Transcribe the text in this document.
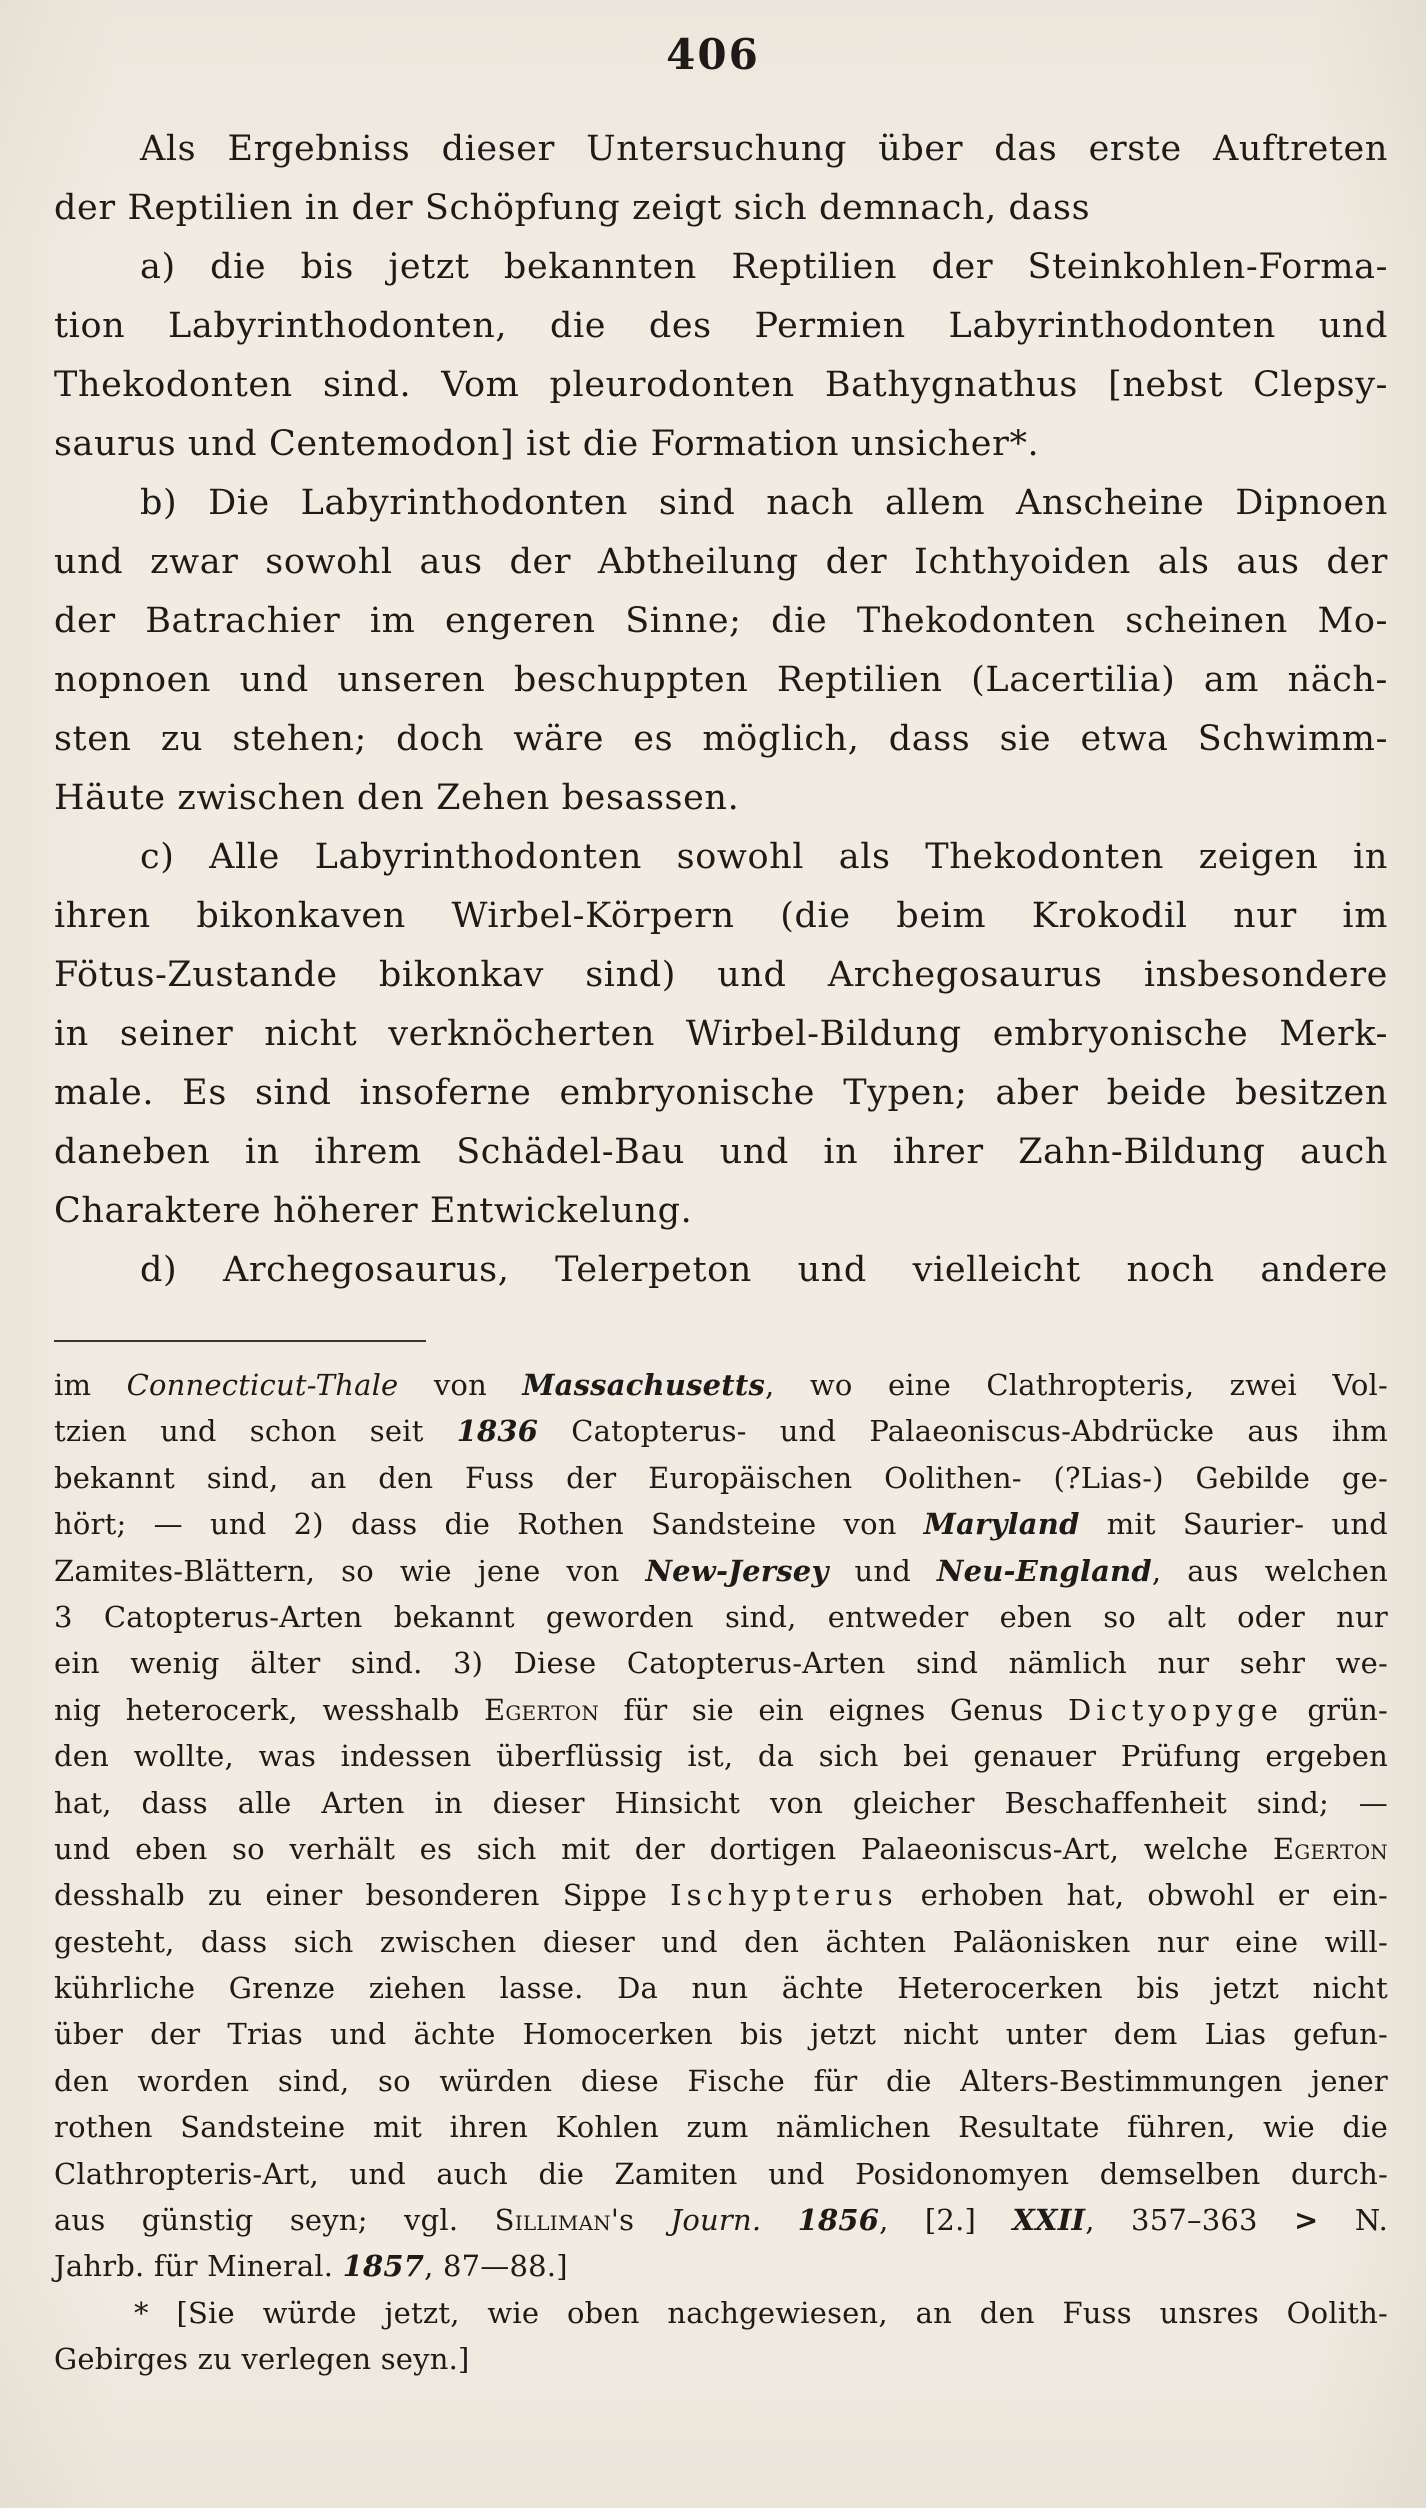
406
Als Ergebniss dieser Untersuchung über das erste Auftreten
der Reptilien in der Schöpfung zeigt sich demnach, dass
a) die bis jetzt bekannten Reptilien der Steinkohlen-Forma-
tion Labyrinthodonten, die des Permien Labyrinthodonten und
Thekodonten sind. Vom pleurodonten Bathygnathus [nebst Clepsy-
saurus und Centemodon] ist die Formation unsicher*.
b) Die Labyrinthodonten sind nach allem Anscheine Dipnoen
und zwar sowohl aus der Abtheilung der Ichthyoiden als aus der
der Batrachier im engeren Sinne; die Thekodonten scheinen Mo-
nopnoen und unseren beschuppten Reptilien (Lacertilia) am näch-
sten zu stehen; doch wäre es möglich, dass sie etwa Schwimm-
Häute zwischen den Zehen besassen.
c) Alle Labyrinthodonten sowohl als Thekodonten zeigen in
ihren bikonkaven Wirbel-Körpern (die beim Krokodil nur im
Fötus-Zustande bikonkav sind) und Archegosaurus insbesondere
in seiner nicht verknöcherten Wirbel-Bildung embryonische Merk-
male. Es sind insoferne embryonische Typen; aber beide besitzen
daneben in ihrem Schädel-Bau und in ihrer Zahn-Bildung auch
Charaktere höherer Entwickelung.
d) Archegosaurus, Telerpeton und vielleicht noch andere
im Connecticut-Thale von Massachusetts, wo eine Clathropteris, zwei Vol-
tzien und schon seit 1836 Catopterus- und Palaeoniscus-Abdrücke aus ihm
bekannt sind, an den Fuss der Europäischen Oolithen- (?Lias-) Gebilde ge-
hört; — und 2) dass die Rothen Sandsteine von Maryland mit Saurier- und
Zamites-Blättern, so wie jene von New-Jersey und Neu-England, aus welchen
3 Catopterus-Arten bekannt geworden sind, entweder eben so alt oder nur
ein wenig älter sind. 3) Diese Catopterus-Arten sind nämlich nur sehr we-
nig heterocerk, wesshalb Egerton für sie ein eignes Genus Dictyopyge grün-
den wollte, was indessen überflüssig ist, da sich bei genauer Prüfung ergeben
hat, dass alle Arten in dieser Hinsicht von gleicher Beschaffenheit sind; —
und eben so verhält es sich mit der dortigen Palaeoniscus-Art, welche Egerton
desshalb zu einer besonderen Sippe Ischypterus erhoben hat, obwohl er ein-
gesteht, dass sich zwischen dieser und den ächten Paläonisken nur eine will-
kührliche Grenze ziehen lasse. Da nun ächte Heterocerken bis jetzt nicht
über der Trias und ächte Homocerken bis jetzt nicht unter dem Lias gefun-
den worden sind, so würden diese Fische für die Alters-Bestimmungen jener
rothen Sandsteine mit ihren Kohlen zum nämlichen Resultate führen, wie die
Clathropteris-Art, und auch die Zamiten und Posidonomyen demselben durch-
aus günstig seyn; vgl. Silliman's Journ. 1856, [2.] XXII, 357–363 > N.
Jahrb. für Mineral. 1857, 87—88.]
* [Sie würde jetzt, wie oben nachgewiesen, an den Fuss unsres Oolith-
Gebirges zu verlegen seyn.]
